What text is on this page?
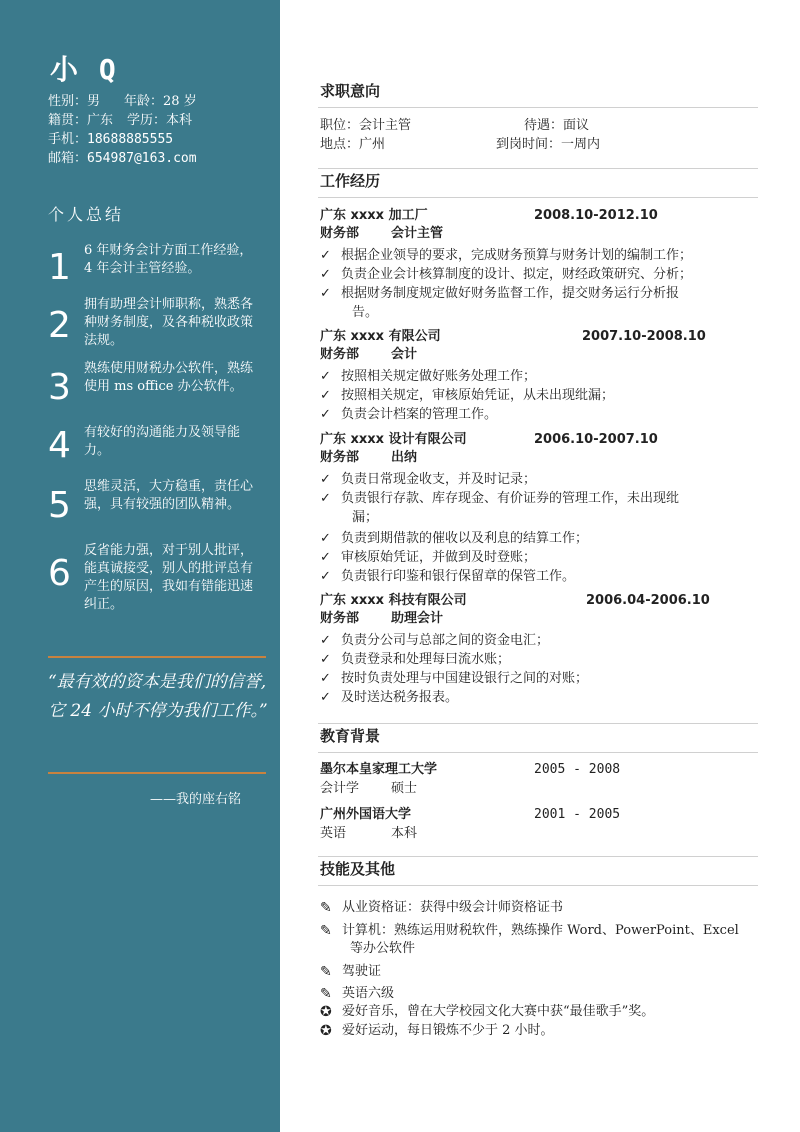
小 Q
性别：男 年龄：28 岁
籍贯：广东 学历：本科
手机：18688885555
邮箱：654987@163.com
个人总结
1 6 年财务会计方面工作经验，4 年会计主管经验。
2
拥有助理会计师职称，熟悉各种财务制度，及各种税收政策法规。
3 熟练使用财税办公软件，熟练使用 ms office 办公软件。
4 有较好的沟通能力及领导能力。
5 思维灵活，大方稳重，责任心强，具有较强的团队精神。
6
反省能力强，对于别人批评，能真诚接受，别人的批评总有产生的原因，我如有错能迅速纠正。
“最有效的资本是我们的信誉,它 24 小时不停为我们工作。”
——我的座右铭
求职意向
职位：会计主管	待遇：面议
地点：广州	到岗时间：一周内
工作经历
广东 xxxx 加工厂	2008.10-2012.10
财务部 会计主管
✓ 根据企业领导的要求，完成财务预算与财务计划的编制工作；
✓ 负责企业会计核算制度的设计、拟定，财经政策研究、分析；
✓ 根据财务制度规定做好财务监督工作，提交财务运行分析报
告。
广东 xxxx 有限公司	2007.10-2008.10
财务部 会计
✓ 按照相关规定做好账务处理工作；
✓ 按照相关规定，审核原始凭证，从未出现纰漏；
✓ 负责会计档案的管理工作。
广东 xxxx 设计有限公司	2006.10-2007.10
财务部 出纳
✓ 负责日常现金收支，并及时记录；
✓ 负责银行存款、库存现金、有价证券的管理工作，未出现纰
漏；
✓ 负责到期借款的催收以及利息的结算工作；
✓ 审核原始凭证，并做到及时登账；
✓ 负责银行印鉴和银行保留章的保管工作。
广东 xxxx 科技有限公司	2006.04-2006.10
财务部 助理会计
✓ 负责分公司与总部之间的资金电汇；
✓ 负责登录和处理每曰流水账；
✓ 按时负责处理与中国建设银行之间的对账；
✓ 及时送达税务报表。
教育背景
墨尔本皇家理工大学	2005 - 2008
会计学 硕士
广州外国语大学	2001 - 2005
英语	本科
技能及其他
✎ 从业资格证：获得中级会计师资格证书
✎ 计算机：熟练运用财税软件，熟练操作 Word、PowerPoint、Excel
等办公软件
✎ 驾驶证
✎ 英语六级
✪ 爱好音乐，曾在大学校园文化大赛中获“最佳歌手”奖。
✪ 爱好运动，每日锻炼不少于 2 小时。
